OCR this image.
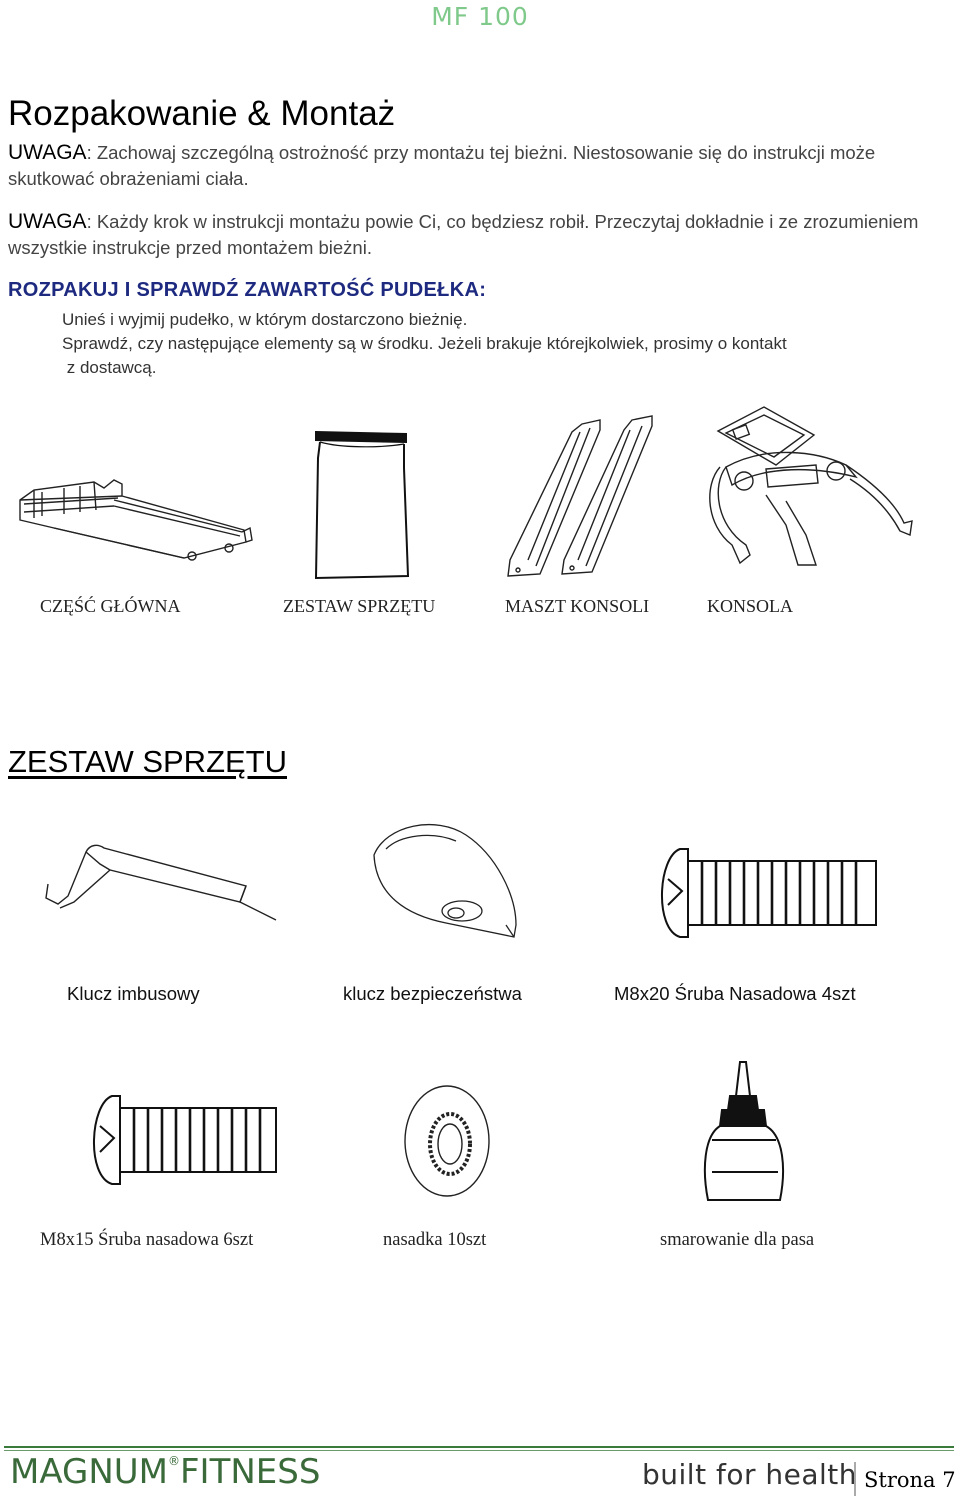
MF 100
Rozpakowanie & Montaż

UWAGA: Zachowaj szczególną ostrożność przy montażu tej bieżni. Niestosowanie się do instrukcji może skutkować obrażeniami ciała.

UWAGA: Każdy krok w instrukcji montażu powie Ci, co będziesz robił. Przeczytaj dokładnie i ze zrozumieniem wszystkie instrukcje przed montażem bieżni.

ROZPAKUJ I SPRAWDŹ ZAWARTOŚĆ PUDEŁKA:
Unieś i wyjmij pudełko, w którym dostarczono bieżnię.
Sprawdź, czy następujące elementy są w środku. Jeżeli brakuje którejkolwiek, prosimy o kontakt
z dostawcą.
CZĘŚĆ GŁÓWNA	ZESTAW SPRZĘTU	MASZT KONSOLI	KONSOLA
ZESTAW SPRZĘTU
Klucz imbusowy	klucz bezpieczeństwa	M8x20 Śruba Nasadowa 4szt
M8x15 Śruba nasadowa 6szt	nasadka 10szt	smarowanie dla pasa
MAGNUM®FITNESS	built for health Strona 7
